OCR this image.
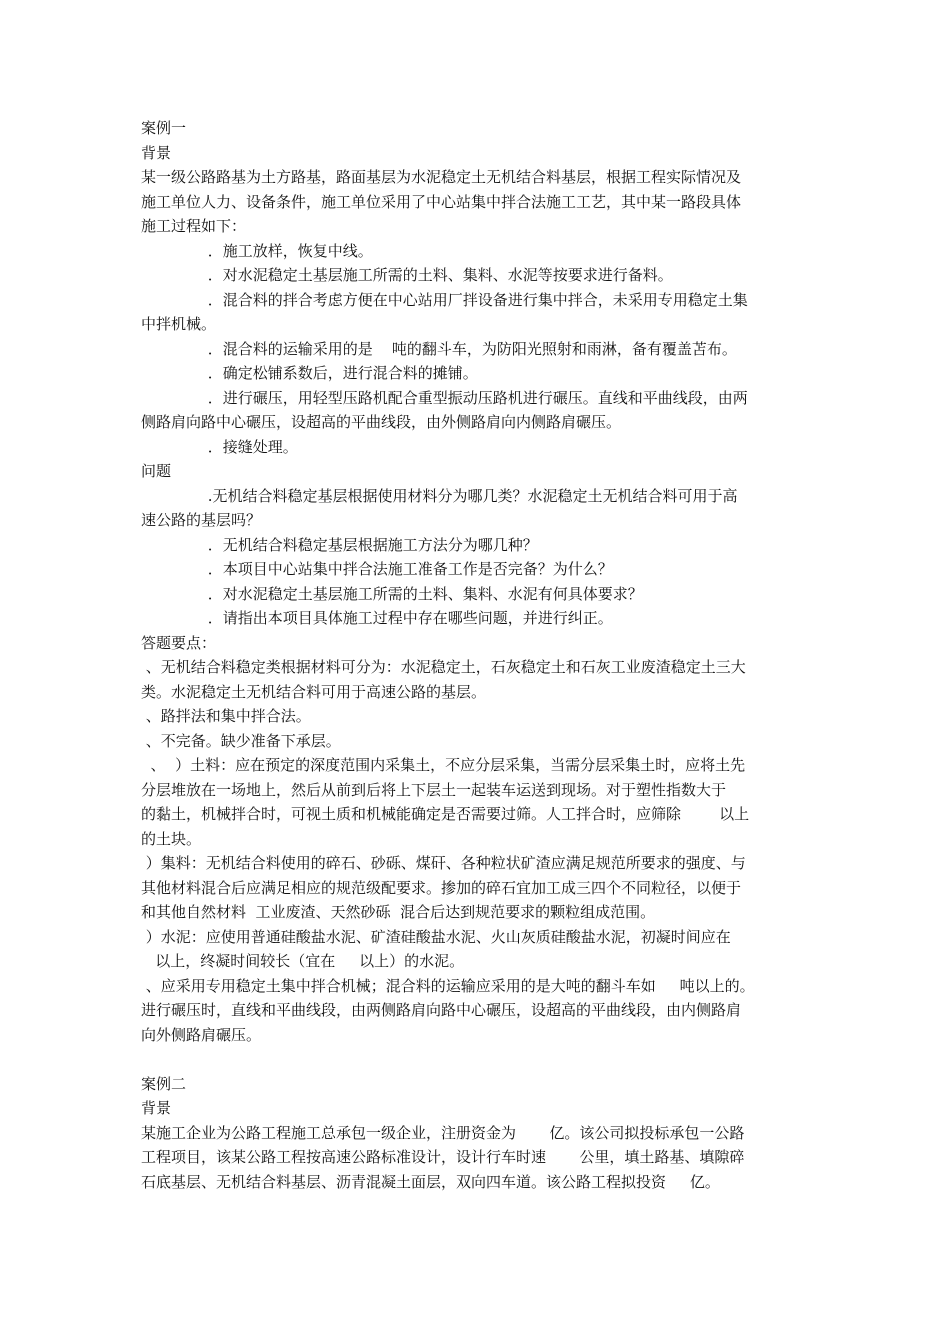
案例一
背景
某一级公路路基为土方路基，路面基层为水泥稳定土无机结合料基层，根据工程实际情况及
施工单位人力、设备条件，施工单位采用了中心站集中拌合法施工工艺，其中某一路段具体
施工过程如下：
．施工放样，恢复中线。
．对水泥稳定土基层施工所需的土料、集料、水泥等按要求进行备料。
．混合料的拌合考虑方便在中心站用厂拌设备进行集中拌合，未采用专用稳定土集
中拌机械。
．混合料的运输采用的是    吨的翻斗车，为防阳光照射和雨淋，备有覆盖苫布。
．确定松铺系数后，进行混合料的摊铺。
．进行碾压，用轻型压路机配合重型振动压路机进行碾压。直线和平曲线段，由两
侧路肩向路中心碾压，设超高的平曲线段，由外侧路肩向内侧路肩碾压。
．接缝处理。
问题
.无机结合料稳定基层根据使用材料分为哪几类？水泥稳定土无机结合料可用于高
速公路的基层吗？
．无机结合料稳定基层根据施工方法分为哪几种？
．本项目中心站集中拌合法施工准备工作是否完备？为什么？
．对水泥稳定土基层施工所需的土料、集料、水泥有何具体要求？
．请指出本项目具体施工过程中存在哪些问题，并进行纠正。
答题要点：
、无机结合料稳定类根据材料可分为：水泥稳定土，石灰稳定土和石灰工业废渣稳定土三大
类。水泥稳定土无机结合料可用于高速公路的基层。
、路拌法和集中拌合法。
、不完备。缺少准备下承层。
、  ）土料：应在预定的深度范围内采集土，不应分层采集，当需分层采集土时，应将土先
分层堆放在一场地上，然后从前到后将上下层土一起装车运送到现场。对于塑性指数大于
的黏土，机械拌合时，可视土质和机械能确定是否需要过筛。人工拌合时，应筛除        以上
的土块。
）集料：无机结合料使用的碎石、砂砾、煤矸、各种粒状矿渣应满足规范所要求的强度、与
其他材料混合后应满足相应的规范级配要求。掺加的碎石宜加工成三四个不同粒径，以便于
和其他自然材料  工业废渣、天然砂砾  混合后达到规范要求的颗粒组成范围。
）水泥：应使用普通硅酸盐水泥、矿渣硅酸盐水泥、火山灰质硅酸盐水泥，初凝时间应在
以上，终凝时间较长（宜在     以上）的水泥。
、应采用专用稳定土集中拌合机械；混合料的运输应采用的是大吨的翻斗车如     吨以上的。
进行碾压时，直线和平曲线段，由两侧路肩向路中心碾压，设超高的平曲线段，由内侧路肩
向外侧路肩碾压。
案例二
背景
某施工企业为公路工程施工总承包一级企业，注册资金为       亿。该公司拟投标承包一公路
工程项目，该某公路工程按高速公路标准设计，设计行车时速       公里，填土路基、填隙碎
石底基层、无机结合料基层、沥青混凝土面层，双向四车道。该公路工程拟投资     亿。
